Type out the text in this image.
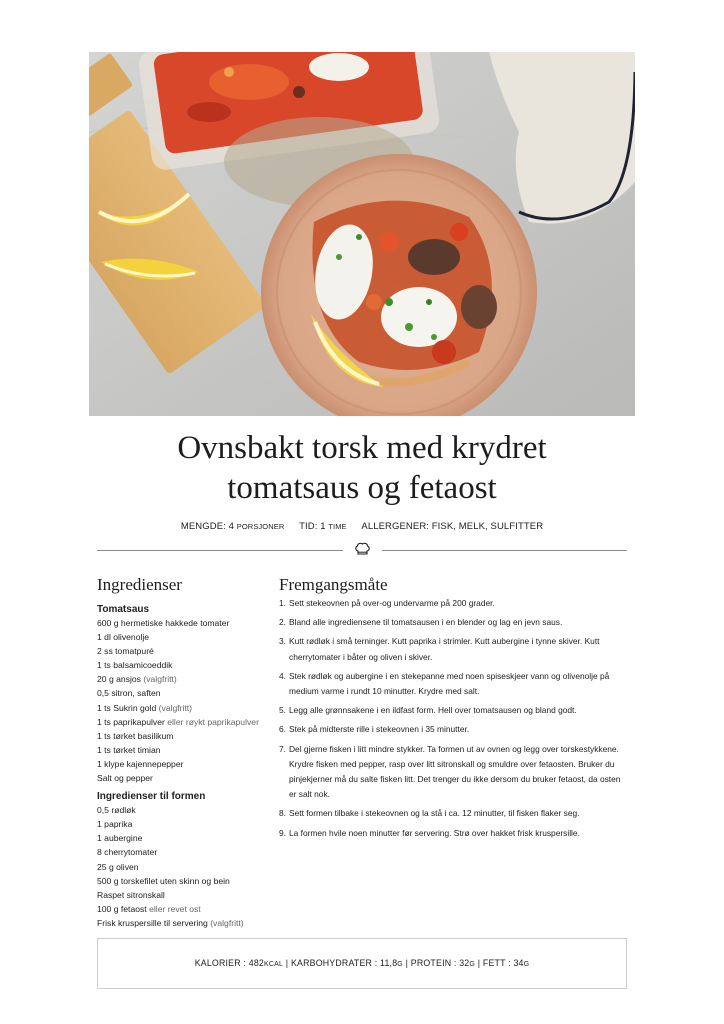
Ovnsbakt torsk med krydret
tomatsaus og fetaost
MENGDE: 4 PORSJONER TID: 1 TIME ALLERGENER: FISK, MELK, SULFITTER
Ingredienser
Tomatsaus
600 g hermetiske hakkede tomater
1 dl olivenolje
2 ss tomatpuré
1 ts balsamicoeddik
20 g ansjos (valgfritt)
0,5 sitron, saften
1 ts Sukrin gold (valgfritt)
1 ts paprikapulver eller røykt paprikapulver
1 ts tørket basilikum
1 ts tørket timian
1 klype kajennepepper
Salt og pepper
Ingredienser til formen
0,5 rødløk
1 paprika
1 aubergine
8 cherrytomater
25 g oliven
500 g torskefilet uten skinn og bein
Raspet sitronskall
100 g fetaost eller revet ost
Frisk kruspersille til servering (valgfritt)
Fremgangsmåte
1. Sett stekeovnen på over-og undervarme på 200 grader.
2. Bland alle ingrediensene til tomatsausen i en blender og lag en jevn saus.
3. Kutt rødløk i små terninger. Kutt paprika i strimler. Kutt aubergine i tynne skiver. Kutt cherrytomater i båter og oliven i skiver.
4. Stek rødløk og aubergine i en stekepanne med noen spiseskjeer vann og olivenolje på medium varme i rundt 10 minutter. Krydre med salt.
5. Legg alle grønnsakene i en ildfast form. Hell over tomatsausen og bland godt.
6. Stek på midterste rille i stekeovnen i 35 minutter.
7. Del gjerne fisken i litt mindre stykker. Ta formen ut av ovnen og legg over torskestykkene. Krydre fisken med pepper, rasp over litt sitronskall og smuldre over fetaosten. Bruker du pinjekjerner må du salte fisken litt. Det trenger du ikke dersom du bruker fetaost, da osten er salt nok.
8. Sett formen tilbake i stekeovnen og la stå i ca. 12 minutter, til fisken flaker seg.
9. La formen hvile noen minutter før servering. Strø over hakket frisk kruspersille.
KALORIER : 482KCAL | KARBOHYDRATER : 11,8G | PROTEIN : 32G | FETT : 34G
